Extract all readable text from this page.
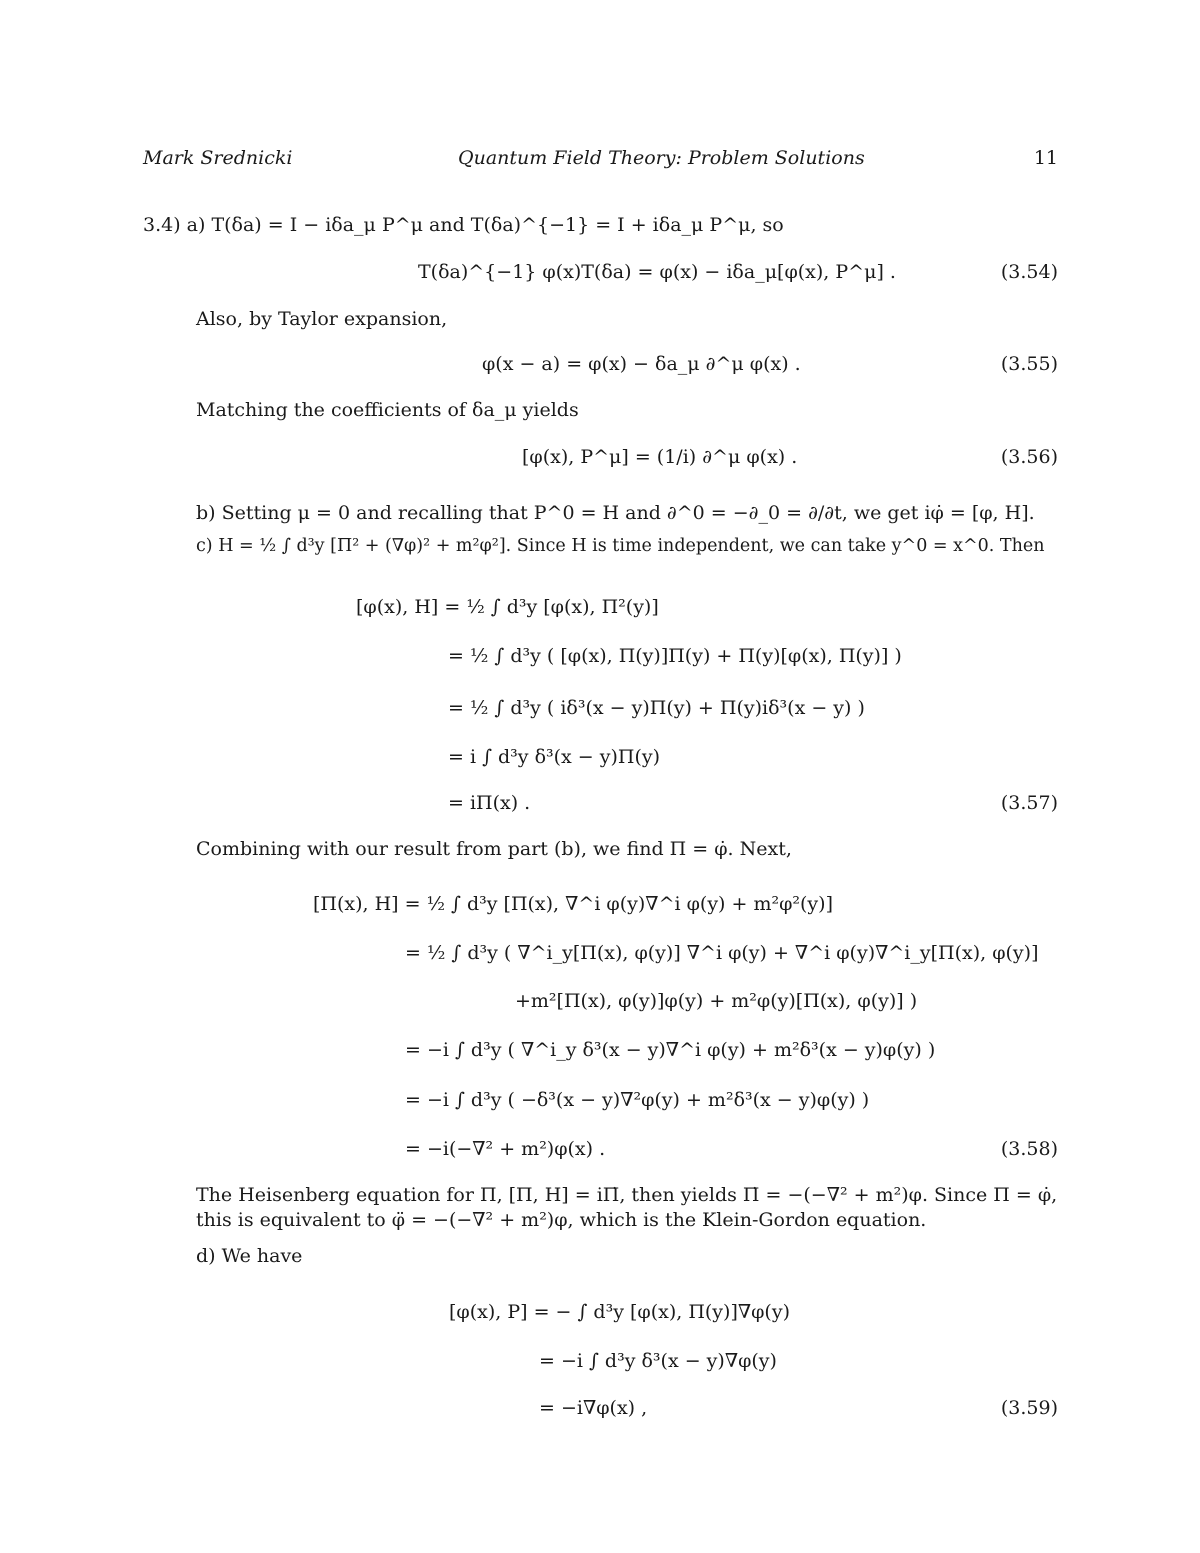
Mark Srednicki	Quantum Field Theory: Problem Solutions	11
3.4) a) T(δa) = I − iδa_μ P^μ and T(δa)^{−1} = I + iδa_μ P^μ, so
T(δa)^{−1} φ(x)T(δa) = φ(x) − iδa_μ[φ(x), P^μ] .	(3.54)
Also, by Taylor expansion,
φ(x − a) = φ(x) − δa_μ ∂^μ φ(x) .	(3.55)
Matching the coefficients of δa_μ yields
[φ(x), P^μ] = (1/i) ∂^μ φ(x) .	(3.56)
b) Setting μ = 0 and recalling that P^0 = H and ∂^0 = −∂_0 = ∂/∂t, we get iφ̇ = [φ, H].
c) H = ½ ∫ d³y [Π² + (∇φ)² + m²φ²]. Since H is time independent, we can take y^0 = x^0. Then
[φ(x), H] = ½ ∫ d³y [φ(x), Π²(y)]
= ½ ∫ d³y ( [φ(x), Π(y)]Π(y) + Π(y)[φ(x), Π(y)] )
= ½ ∫ d³y ( iδ³(x − y)Π(y) + Π(y)iδ³(x − y) )
= i ∫ d³y δ³(x − y)Π(y)
= iΠ(x) .	(3.57)
Combining with our result from part (b), we find Π = φ̇. Next,
[Π(x), H] = ½ ∫ d³y [Π(x), ∇^i φ(y)∇^i φ(y) + m²φ²(y)]
= ½ ∫ d³y ( ∇^i_y[Π(x), φ(y)] ∇^i φ(y) + ∇^i φ(y)∇^i_y[Π(x), φ(y)]
+m²[Π(x), φ(y)]φ(y) + m²φ(y)[Π(x), φ(y)] )
= −i ∫ d³y ( ∇^i_y δ³(x − y)∇^i φ(y) + m²δ³(x − y)φ(y) )
= −i ∫ d³y ( −δ³(x − y)∇²φ(y) + m²δ³(x − y)φ(y) )
= −i(−∇² + m²)φ(x) .	(3.58)
The Heisenberg equation for Π, [Π, H] = iΠ̇, then yields Π̇ = −(−∇² + m²)φ. Since Π = φ̇,
this is equivalent to φ̈ = −(−∇² + m²)φ, which is the Klein-Gordon equation.
d) We have
[φ(x), P] = − ∫ d³y [φ(x), Π(y)]∇φ(y)
= −i ∫ d³y δ³(x − y)∇φ(y)
= −i∇φ(x) ,	(3.59)
